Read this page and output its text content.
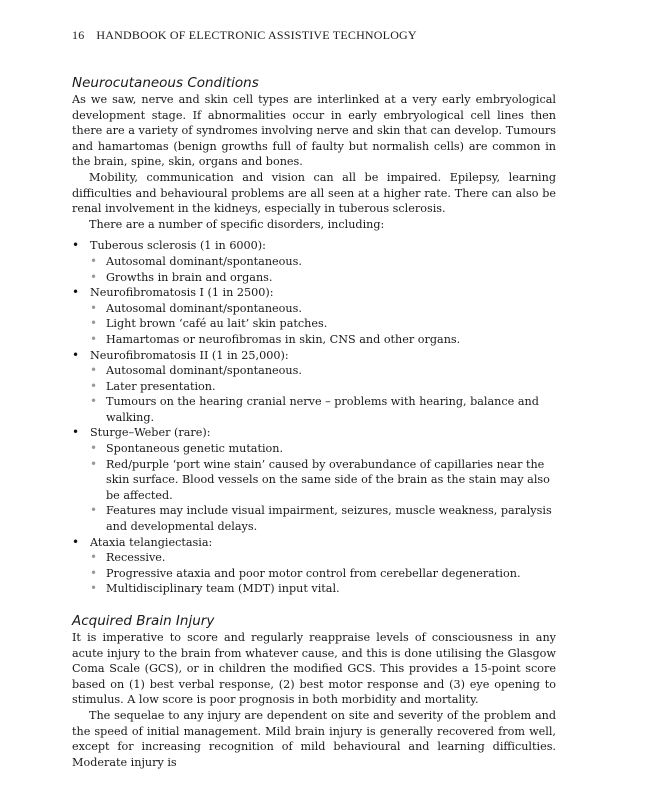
16 HANDBOOK OF ELECTRONIC ASSISTIVE TECHNOLOGY
Neurocutaneous Conditions

As we saw, nerve and skin cell types are interlinked at a very early embryological development stage. If abnormalities occur in early embryological cell lines then there are a variety of syndromes involving nerve and skin that can develop. Tumours and hamartomas (benign growths full of faulty but normalish cells) are common in the brain, spine, skin, organs and bones.

Mobility, communication and vision can all be impaired. Epilepsy, learning difficulties and behavioural problems are all seen at a higher rate. There can also be renal involvement in the kidneys, especially in tuberous sclerosis.

There are a number of specific disorders, including:

•
Tuberous sclerosis (1 in 6000):
•
Autosomal dominant/spontaneous.
•
Growths in brain and organs.
•
Neurofibromatosis I (1 in 2500):
•
Autosomal dominant/spontaneous.
•
Light brown ‘café au lait’ skin patches.
•
Hamartomas or neurofibromas in skin, CNS and other organs.
•
Neurofibromatosis II (1 in 25,000):
•
Autosomal dominant/spontaneous.
•
Later presentation.
•
Tumours on the hearing cranial nerve – problems with hearing, balance and walking.
•
Sturge–Weber (rare):
•
Spontaneous genetic mutation.
•
Red/purple ‘port wine stain’ caused by overabundance of capillaries near the skin surface. Blood vessels on the same side of the brain as the stain may also be affected.
•
Features may include visual impairment, seizures, muscle weakness, paralysis and developmental delays.
•
Ataxia telangiectasia:
•
Recessive.
•
Progressive ataxia and poor motor control from cerebellar degeneration.
•
Multidisciplinary team (MDT) input vital.
Acquired Brain Injury

It is imperative to score and regularly reappraise levels of consciousness in any acute injury to the brain from whatever cause, and this is done utilising the Glasgow Coma Scale (GCS), or in children the modified GCS. This provides a 15-point score based on (1) best verbal response, (2) best motor response and (3) eye opening to stimulus. A low score is poor prognosis in both morbidity and mortality.

The sequelae to any injury are dependent on site and severity of the problem and the speed of initial management. Mild brain injury is generally recovered from well, except for increasing recognition of mild behavioural and learning difficulties. Moderate injury is
